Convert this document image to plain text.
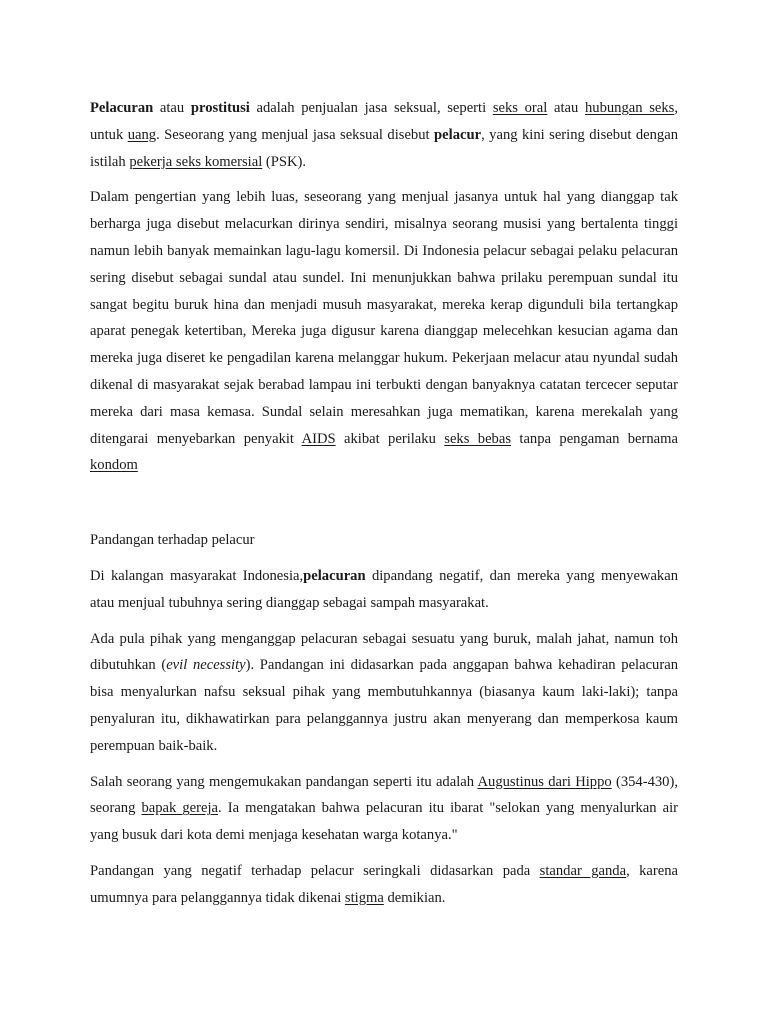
Pelacuran atau prostitusi adalah penjualan jasa seksual, seperti seks oral atau hubungan seks, untuk uang. Seseorang yang menjual jasa seksual disebut pelacur, yang kini sering disebut dengan istilah pekerja seks komersial (PSK).

Dalam pengertian yang lebih luas, seseorang yang menjual jasanya untuk hal yang dianggap tak berharga juga disebut melacurkan dirinya sendiri, misalnya seorang musisi yang bertalenta tinggi namun lebih banyak memainkan lagu-lagu komersil. Di Indonesia pelacur sebagai pelaku pelacuran sering disebut sebagai sundal atau sundel. Ini menunjukkan bahwa prilaku perempuan sundal itu sangat begitu buruk hina dan menjadi musuh masyarakat, mereka kerap digunduli bila tertangkap aparat penegak ketertiban, Mereka juga digusur karena dianggap melecehkan kesucian agama dan mereka juga diseret ke pengadilan karena melanggar hukum. Pekerjaan melacur atau nyundal sudah dikenal di masyarakat sejak berabad lampau ini terbukti dengan banyaknya catatan tercecer seputar mereka dari masa kemasa. Sundal selain meresahkan juga mematikan, karena merekalah yang ditengarai menyebarkan penyakit AIDS akibat perilaku seks bebas tanpa pengaman bernama kondom

Pandangan terhadap pelacur

Di kalangan masyarakat Indonesia,pelacuran dipandang negatif, dan mereka yang menyewakan atau menjual tubuhnya sering dianggap sebagai sampah masyarakat.

Ada pula pihak yang menganggap pelacuran sebagai sesuatu yang buruk, malah jahat, namun toh dibutuhkan (evil necessity). Pandangan ini didasarkan pada anggapan bahwa kehadiran pelacuran bisa menyalurkan nafsu seksual pihak yang membutuhkannya (biasanya kaum laki-laki); tanpa penyaluran itu, dikhawatirkan para pelanggannya justru akan menyerang dan memperkosa kaum perempuan baik-baik.

Salah seorang yang mengemukakan pandangan seperti itu adalah Augustinus dari Hippo (354-430), seorang bapak gereja. Ia mengatakan bahwa pelacuran itu ibarat "selokan yang menyalurkan air yang busuk dari kota demi menjaga kesehatan warga kotanya."

Pandangan yang negatif terhadap pelacur seringkali didasarkan pada standar ganda, karena umumnya para pelanggannya tidak dikenai stigma demikian.
